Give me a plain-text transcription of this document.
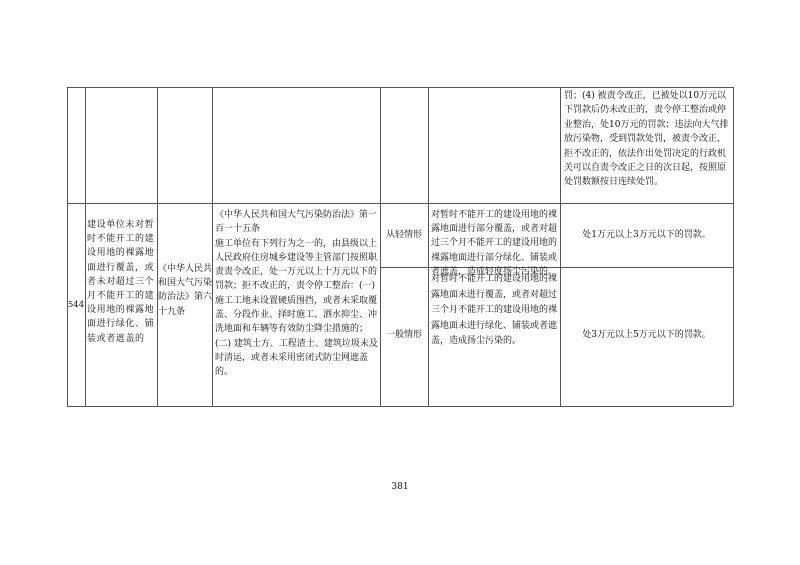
罚；(4) 被责令改正，已被处以10万元以下罚款后仍未改正的，责令停工整治或停业整治，处10万元的罚款；违法向大气排放污染物，受到罚款处罚，被责令改正，拒不改正的，依法作出处罚决定的行政机关可以自责令改正之日的次日起，按照原处罚数额按日连续处罚。
544
建设单位未对暂时不能开工的建设用地的裸露地面进行覆盖，或者未对超过三个月不能开工的建设用地的裸露地面进行绿化、铺装或者遮盖的
《中华人民共和国大气污染防治法》第六十九条
《中华人民共和国大气污染防治法》第一百一十五条
施工单位有下列行为之一的，由县级以上人民政府住房城乡建设等主管部门按照职责责令改正，处一万元以上十万元以下的罚款；拒不改正的，责令停工整治：(一) 施工工地未设置硬质围挡，或者未采取覆盖、分段作业、择时施工、洒水抑尘、冲洗地面和车辆等有效防尘降尘措施的；(二) 建筑土方、工程渣土、建筑垃圾未及时清运，或者未采用密闭式防尘网遮盖的。
从轻情形
对暂时不能开工的建设用地的裸露地面进行部分覆盖，或者对超过三个月不能开工的建设用地的裸露地面进行部分绿化、铺装或者遮盖，造成轻度扬尘污染的。
处1万元以上3万元以下的罚款。
一般情形
对暂时不能开工的建设用地的裸露地面未进行覆盖，或者对超过三个月不能开工的建设用地的裸露地面未进行绿化、铺装或者遮盖，造成扬尘污染的。
处3万元以上5万元以下的罚款。
381
